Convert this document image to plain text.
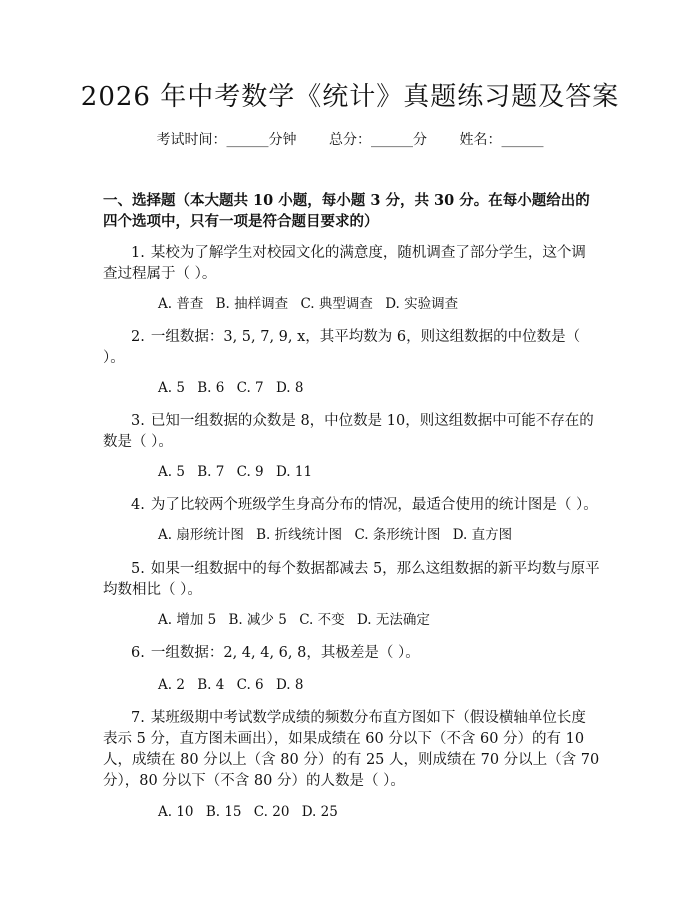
2026 年中考数学《统计》真题练习题及答案
考试时间：______分钟 总分：______分 姓名：______
一、选择题（本大题共 10 小题，每小题 3 分，共 30 分。在每小题给出的四个选项中，只有一项是符合题目要求的）
1. 某校为了解学生对校园文化的满意度，随机调查了部分学生，这个调查过程属于（ ）。
A. 普查 B. 抽样调查 C. 典型调查 D. 实验调查
2. 一组数据：3, 5, 7, 9, x，其平均数为 6，则这组数据的中位数是（ ）。
A. 5 B. 6 C. 7 D. 8
3. 已知一组数据的众数是 8，中位数是 10，则这组数据中可能不存在的数是（ ）。
A. 5 B. 7 C. 9 D. 11
4. 为了比较两个班级学生身高分布的情况，最适合使用的统计图是（ ）。
A. 扇形统计图 B. 折线统计图 C. 条形统计图 D. 直方图
5. 如果一组数据中的每个数据都减去 5，那么这组数据的新平均数与原平均数相比（ ）。
A. 增加 5 B. 减少 5 C. 不变 D. 无法确定
6. 一组数据：2, 4, 4, 6, 8，其极差是（ ）。
A. 2 B. 4 C. 6 D. 8
7. 某班级期中考试数学成绩的频数分布直方图如下（假设横轴单位长度表示 5 分，直方图未画出），如果成绩在 60 分以下（不含 60 分）的有 10 人，成绩在 80 分以上（含 80 分）的有 25 人，则成绩在 70 分以上（含 70 分），80 分以下（不含 80 分）的人数是（ ）。
A. 10 B. 15 C. 20 D. 25
